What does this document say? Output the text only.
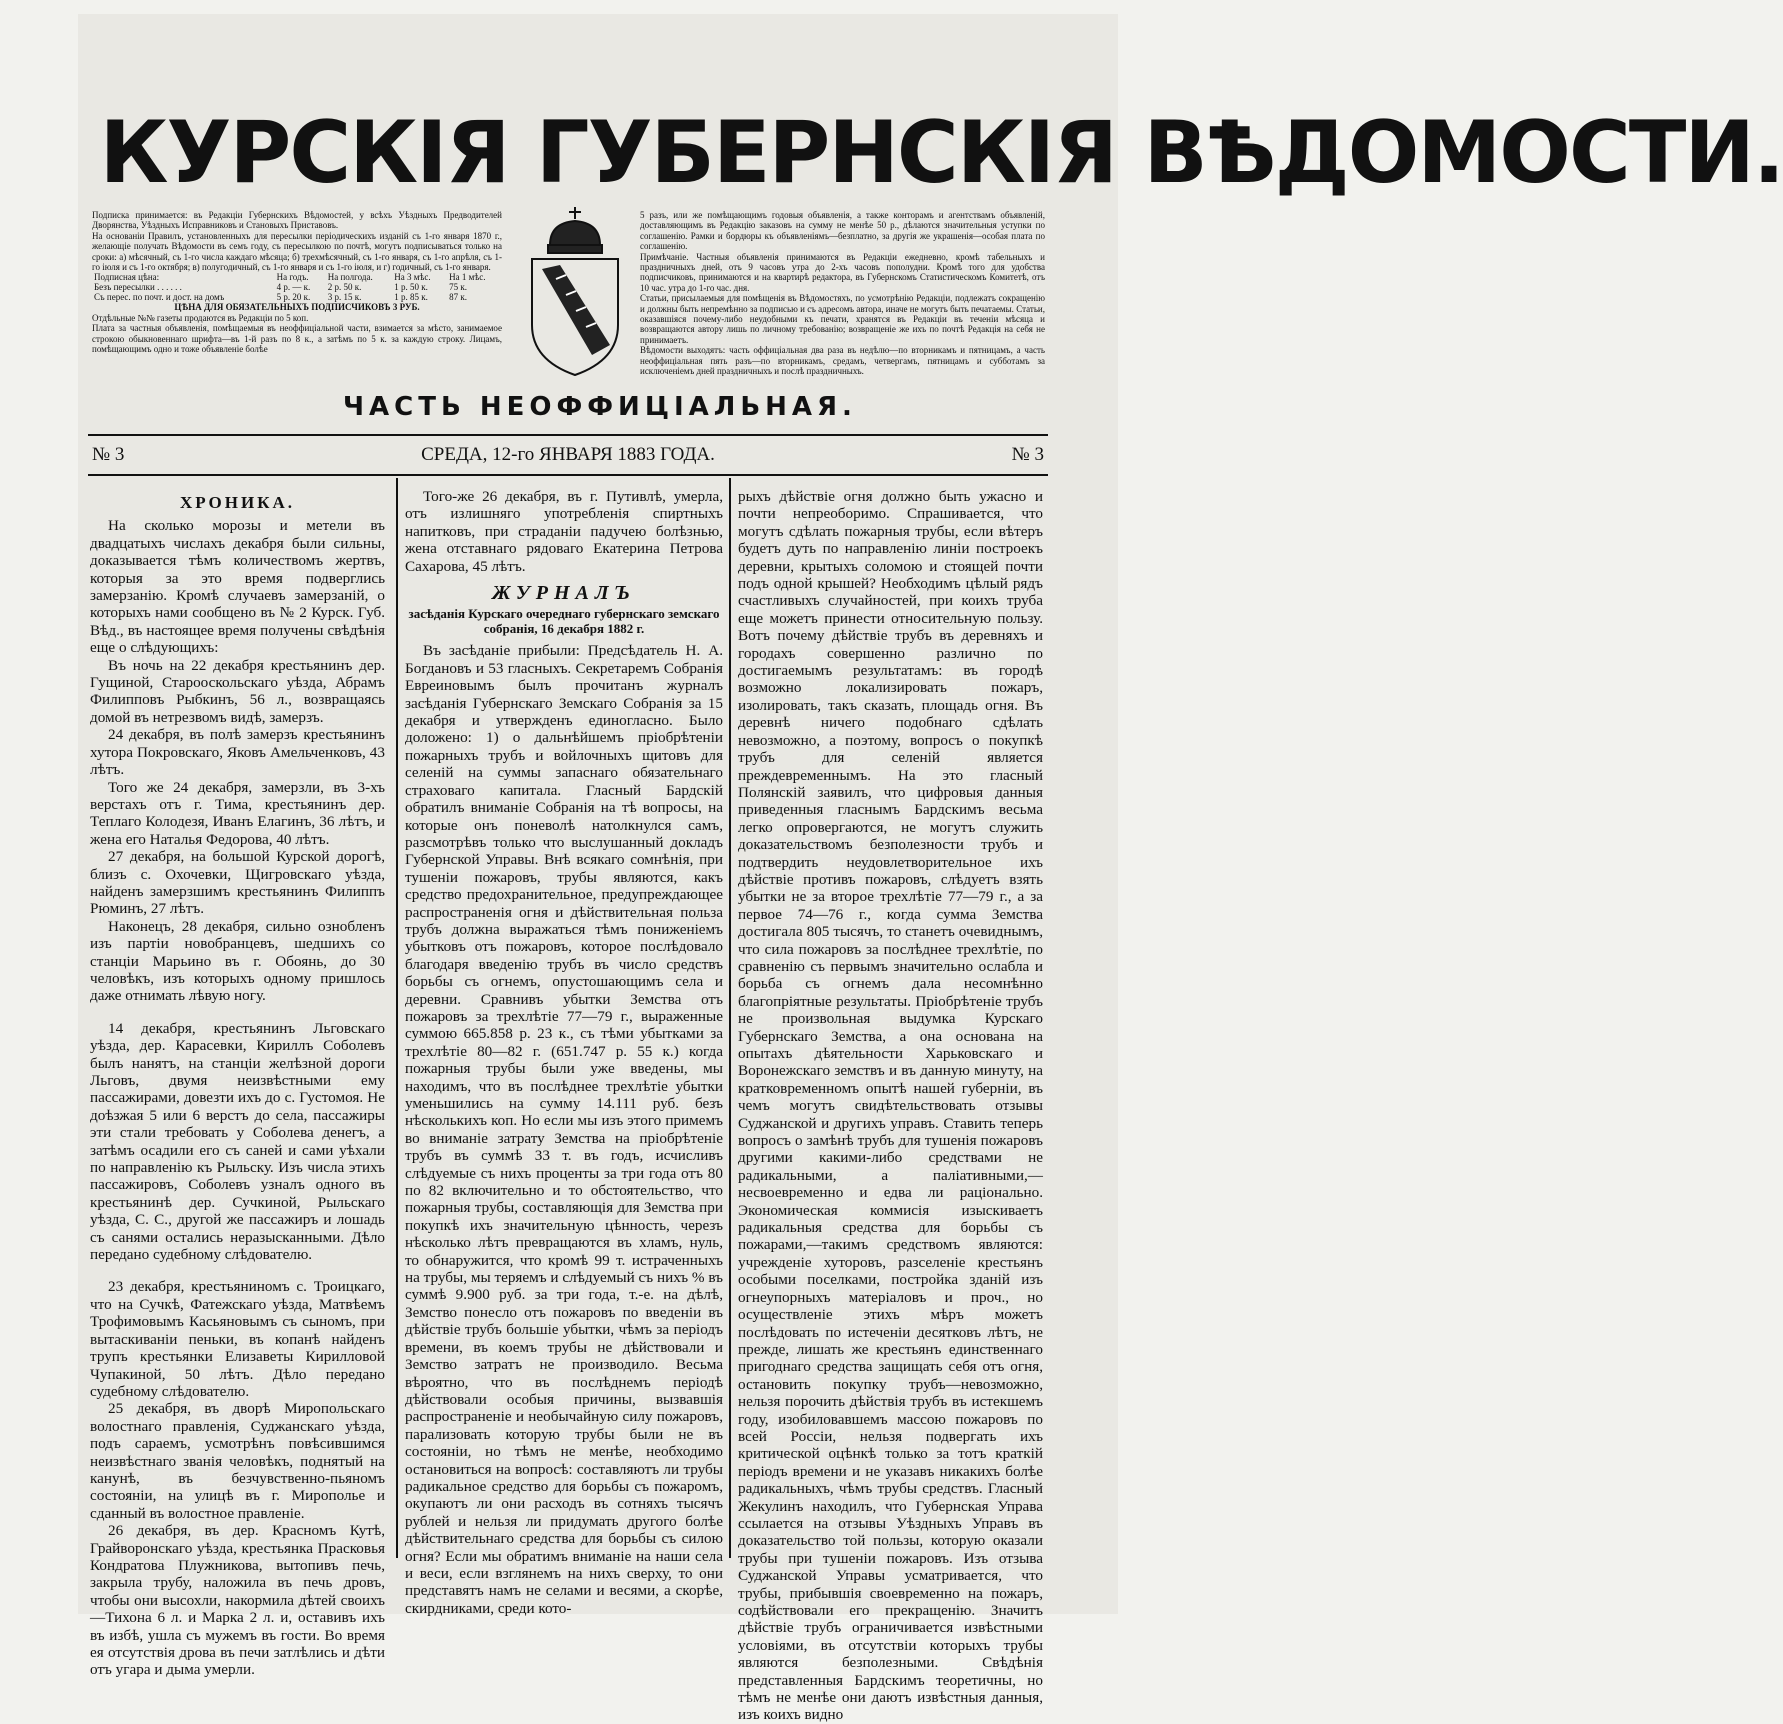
КУРСКІЯ ГУБЕРНСКІЯ ВѢДОМОСТИ.

Подписка принимается: въ Редакціи Губернскихъ Вѣдомостей, у всѣхъ Уѣздныхъ Предводителей Дворянства, Уѣздныхъ Исправниковъ и Становыхъ Приставовъ.

На основаніи Правилъ, установленныхъ для пересылки періодическихъ изданій съ 1-го января 1870 г., желающіе получать Вѣдомости въ семъ году, съ пересылкою по почтѣ, могутъ подписываться только на сроки: а) мѣсячный, съ 1-го числа каждаго мѣсяца; б) трехмѣсячный, съ 1-го января, съ 1-го апрѣля, съ 1-го іюля и съ 1-го октября; в) полугодичный, съ 1-го января и съ 1-го іюля, и г) годичный, съ 1-го января.

Подписная цѣна:	На годъ.	На полгода.	На 3 мѣс.	На 1 мѣс.
Безъ пересылки . . . . . .	4 р. — к.	2 р. 50 к.	1 р. 50 к.	75 к.
Съ перес. по почт. и дост. на домъ	5 р. 20 к.	3 р. 15 к.	1 р. 85 к.	87 к.

ЦѢНА ДЛЯ ОБЯЗАТЕЛЬНЫХЪ ПОДПИСЧИКОВЪ 3 РУБ.

Отдѣльные №№ газеты продаются въ Редакціи по 5 коп.

Плата за частныя объявленія, помѣщаемыя въ неоффиціальной части, взимается за мѣсто, занимаемое строкою обыкновеннаго шрифта—въ 1-й разъ по 8 к., а затѣмъ по 5 к. за каждую строку. Лицамъ, помѣщающимъ одно и тоже объявленіе болѣе

5 разъ, или же помѣщающимъ годовыя объявленія, а также конторамъ и агентствамъ объявленій, доставляющимъ въ Редакцію заказовъ на сумму не менѣе 50 р., дѣлаются значительныя уступки по соглашенію. Рамки и бордюры къ объявленіямъ—безплатно, за другія же украшенія—особая плата по соглашенію.

Примѣчаніе. Частныя объявленія принимаются въ Редакціи ежедневно, кромѣ табельныхъ и праздничныхъ дней, отъ 9 часовъ утра до 2-хъ часовъ пополудни. Кромѣ того для удобства подписчиковъ, принимаются и на квартирѣ редактора, въ Губернскомъ Статистическомъ Комитетѣ, отъ 10 час. утра до 1-го час. дня.

Статьи, присылаемыя для помѣщенія въ Вѣдомостяхъ, по усмотрѣнію Редакціи, подлежатъ сокращенію и должны быть непремѣнно за подписью и съ адресомъ автора, иначе не могутъ быть печатаемы. Статьи, оказавшіяся почему-либо неудобными къ печати, хранятся въ Редакціи въ теченіи мѣсяца и возвращаются автору лишь по личному требованію; возвращеніе же ихъ по почтѣ Редакція на себя не принимаетъ.

Вѣдомости выходятъ: часть оффиціальная два раза въ недѣлю—по вторникамъ и пятницамъ, а часть неоффиціальная пять разъ—по вторникамъ, средамъ, четвергамъ, пятницамъ и субботамъ за исключеніемъ дней праздничныхъ и послѣ праздничныхъ.

ЧАСТЬ НЕОФФИЦІАЛЬНАЯ.
№ 3	СРЕДА, 12-го ЯНВАРЯ 1883 ГОДА.	№ 3

ХРОНИКА.

На сколько морозы и метели въ двадцатыхъ числахъ декабря были сильны, доказывается тѣмъ количествомъ жертвъ, которыя за это время подверглись замерзанію. Кромѣ случаевъ замерзаній, о которыхъ нами сообщено въ № 2 Курск. Губ. Вѣд., въ настоящее время получены свѣдѣнія еще о слѣдующихъ:

Въ ночь на 22 декабря крестьянинъ дер. Гущиной, Старооскольскаго уѣзда, Абрамъ Филипповъ Рыбкинъ, 56 л., возвращаясь домой въ нетрезвомъ видѣ, замерзъ.

24 декабря, въ полѣ замерзъ крестьянинъ хутора Покровскаго, Яковъ Амельченковъ, 43 лѣтъ.

Того же 24 декабря, замерзли, въ 3-хъ верстахъ отъ г. Тима, крестьянинъ дер. Теплаго Колодезя, Иванъ Елагинъ, 36 лѣтъ, и жена его Наталья Федорова, 40 лѣтъ.

27 декабря, на большой Курской дорогѣ, близъ с. Охочевки, Щигровскаго уѣзда, найденъ замерзшимъ крестьянинъ Филиппъ Рюминъ, 27 лѣтъ.

Наконецъ, 28 декабря, сильно ознобленъ изъ партіи новобранцевъ, шедшихъ со станціи Марьино въ г. Обоянь, до 30 человѣкъ, изъ которыхъ одному пришлось даже отнимать лѣвую ногу.

14 декабря, крестьянинъ Льговскаго уѣзда, дер. Карасевки, Кириллъ Соболевъ былъ нанятъ, на станціи желѣзной дороги Льговъ, двумя неизвѣстными ему пассажирами, довезти ихъ до с. Густомоя. Не доѣзжая 5 или 6 верстъ до села, пассажиры эти стали требовать у Соболева денегъ, а затѣмъ осадили его съ саней и сами уѣхали по направленію къ Рыльску. Изъ числа этихъ пассажировъ, Соболевъ узналъ одного въ крестьянинѣ дер. Сучкиной, Рыльскаго уѣзда, С. С., другой же пассажиръ и лошадь съ санями остались неразысканными. Дѣло передано судебному слѣдователю.

23 декабря, крестьяниномъ с. Троицкаго, что на Сучкѣ, Фатежскаго уѣзда, Матвѣемъ Трофимовымъ Касьяновымъ съ сыномъ, при вытаскиваніи пеньки, въ копанѣ найденъ трупъ крестьянки Елизаветы Кирилловой Чупакиной, 50 лѣтъ. Дѣло передано судебному слѣдователю.

25 декабря, въ дворѣ Миропольскаго волостнаго правленія, Суджанскаго уѣзда, подъ сараемъ, усмотрѣнъ повѣсившимся неизвѣстнаго званія человѣкъ, поднятый на канунѣ, въ безчувственно-пьяномъ состояніи, на улицѣ въ г. Мирополье и сданный въ волостное правленіе.

26 декабря, въ дер. Красномъ Кутѣ, Грайворонскаго уѣзда, крестьянка Прасковья Кондратова Плужникова, вытопивъ печь, закрыла трубу, наложила въ печь дровъ, чтобы они высохли, накормила дѣтей своихъ—Тихона 6 л. и Марка 2 л. и, оставивъ ихъ въ избѣ, ушла съ мужемъ въ гости. Во время ея отсутствія дрова въ печи затлѣлись и дѣти отъ угара и дыма умерли.

Того-же 26 декабря, въ г. Путивлѣ, умерла, отъ излишняго употребленія спиртныхъ напитковъ, при страданіи падучею болѣзнью, жена отставнаго рядоваго Екатерина Петрова Сахарова, 45 лѣтъ.

ЖУРНАЛЪ

засѣданія Курскаго очереднаго губернскаго земскаго собранія, 16 декабря 1882 г.

Въ засѣданіе прибыли: Предсѣдатель Н. А. Богдановъ и 53 гласныхъ. Секретаремъ Собранія Евреиновымъ былъ прочитанъ журналъ засѣданія Губернскаго Земскаго Собранія за 15 декабря и утвержденъ единогласно. Было доложено: 1) о дальнѣйшемъ пріобрѣтеніи пожарныхъ трубъ и войлочныхъ щитовъ для селеній на суммы запаснаго обязательнаго страховаго капитала. Гласный Бардскій обратилъ вниманіе Собранія на тѣ вопросы, на которые онъ поневолѣ натолкнулся самъ, разсмотрѣвъ только что выслушанный докладъ Губернской Управы. Внѣ всякаго сомнѣнія, при тушеніи пожаровъ, трубы являются, какъ средство предохранительное, предупреждающее распространенія огня и дѣйствительная польза трубъ должна выражаться тѣмъ пониженіемъ убытковъ отъ пожаровъ, которое послѣдовало благодаря введенію трубъ въ число средствъ борьбы съ огнемъ, опустошающимъ села и деревни. Сравнивъ убытки Земства отъ пожаровъ за трехлѣтіе 77—79 г., выраженные суммою 665.858 р. 23 к., съ тѣми убытками за трехлѣтіе 80—82 г. (651.747 р. 55 к.) когда пожарныя трубы были уже введены, мы находимъ, что въ послѣднее трехлѣтіе убытки уменьшились на сумму 14.111 руб. безъ нѣсколькихъ коп. Но если мы изъ этого примемъ во вниманіе затрату Земства на пріобрѣтеніе трубъ въ суммѣ 33 т. въ годъ, исчисливъ слѣдуемые съ нихъ проценты за три года отъ 80 по 82 включительно и то обстоятельство, что пожарныя трубы, составляющія для Земства при покупкѣ ихъ значительную цѣнность, черезъ нѣсколько лѣтъ превращаются въ хламъ, нуль, то обнаружится, что кромѣ 99 т. истраченныхъ на трубы, мы теряемъ и слѣдуемый съ нихъ % въ суммѣ 9.900 руб. за три года, т.-е. на дѣлѣ, Земство понесло отъ пожаровъ по введеніи въ дѣйствіе трубъ большіе убытки, чѣмъ за періодъ времени, въ коемъ трубы не дѣйствовали и Земство затратъ не производило. Весьма вѣроятно, что въ послѣднемъ періодѣ дѣйствовали особыя причины, вызвавшія распространеніе и необычайную силу пожаровъ, парализовать которую трубы были не въ состояніи, но тѣмъ не менѣе, необходимо остановиться на вопросѣ: составляютъ ли трубы радикальное средство для борьбы съ пожаромъ, окупаютъ ли они расходъ въ сотняхъ тысячъ рублей и нельзя ли придумать другого болѣе дѣйствительнаго средства для борьбы съ силою огня? Если мы обратимъ вниманіе на наши села и веси, если взглянемъ на нихъ сверху, то они представятъ намъ не селами и весями, а скорѣе, скирдниками, среди кото-

рыхъ дѣйствіе огня должно быть ужасно и почти непреоборимо. Спрашивается, что могутъ сдѣлать пожарныя трубы, если вѣтеръ будетъ дуть по направленію линіи построекъ деревни, крытыхъ соломою и стоящей почти подъ одной крышей? Необходимъ цѣлый рядъ счастливыхъ случайностей, при коихъ труба еще можетъ принести относительную пользу. Вотъ почему дѣйствіе трубъ въ деревняхъ и городахъ совершенно различно по достигаемымъ результатамъ: въ городѣ возможно локализировать пожаръ, изолировать, такъ сказать, площадь огня. Въ деревнѣ ничего подобнаго сдѣлать невозможно, а поэтому, вопросъ о покупкѣ трубъ для селеній является преждевременнымъ. На это гласный Полянскій заявилъ, что цифровыя данныя приведенныя гласнымъ Бардскимъ весьма легко опровергаются, не могутъ служить доказательствомъ безполезности трубъ и подтвердить неудовлетворительное ихъ дѣйствіе противъ пожаровъ, слѣдуетъ взять убытки не за второе трехлѣтіе 77—79 г., а за первое 74—76 г., когда сумма Земства достигала 805 тысячъ, то станетъ очевиднымъ, что сила пожаровъ за послѣднее трехлѣтіе, по сравненію съ первымъ значительно ослабла и борьба съ огнемъ дала несомнѣнно благопріятные результаты. Пріобрѣтеніе трубъ не произвольная выдумка Курскаго Губернскаго Земства, а она основана на опытахъ дѣятельности Харьковскаго и Воронежскаго земствъ и въ данную минуту, на кратковременномъ опытѣ нашей губерніи, въ чемъ могутъ свидѣтельствовать отзывы Суджанской и другихъ управъ. Ставить теперь вопросъ о замѣнѣ трубъ для тушенія пожаровъ другими какими-либо средствами не радикальными, а паліативными,—несвоевременно и едва ли раціонально. Экономическая коммисія изыскиваетъ радикальныя средства для борьбы съ пожарами,—такимъ средствомъ являются: учрежденіе хуторовъ, разселеніе крестьянъ особыми поселками, постройка зданій изъ огнеупорныхъ матеріаловъ и проч., но осуществленіе этихъ мѣръ можетъ послѣдовать по истеченіи десятковъ лѣтъ, не прежде, лишать же крестьянъ единственнаго пригоднаго средства защищать себя отъ огня, остановить покупку трубъ—невозможно, нельзя порочить дѣйствія трубъ въ истекшемъ году, изобиловавшемъ массою пожаровъ по всей Россіи, нельзя подвергать ихъ критической оцѣнкѣ только за тотъ краткій періодъ времени и не указавъ никакихъ болѣе радикальныхъ, чѣмъ трубы средствъ. Гласный Жекулинъ находилъ, что Губернская Управа ссылается на отзывы Уѣздныхъ Управъ въ доказательство той пользы, которую оказали трубы при тушеніи пожаровъ. Изъ отзыва Суджанской Управы усматривается, что трубы, прибывшія своевременно на пожаръ, содѣйствовали его прекращенію. Значитъ дѣйствіе трубъ ограничивается извѣстными условіями, въ отсутствіи которыхъ трубы являются безполезными. Свѣдѣнія представленныя Бардскимъ теоретичны, но тѣмъ не менѣе они даютъ извѣстныя данныя, изъ коихъ видно
